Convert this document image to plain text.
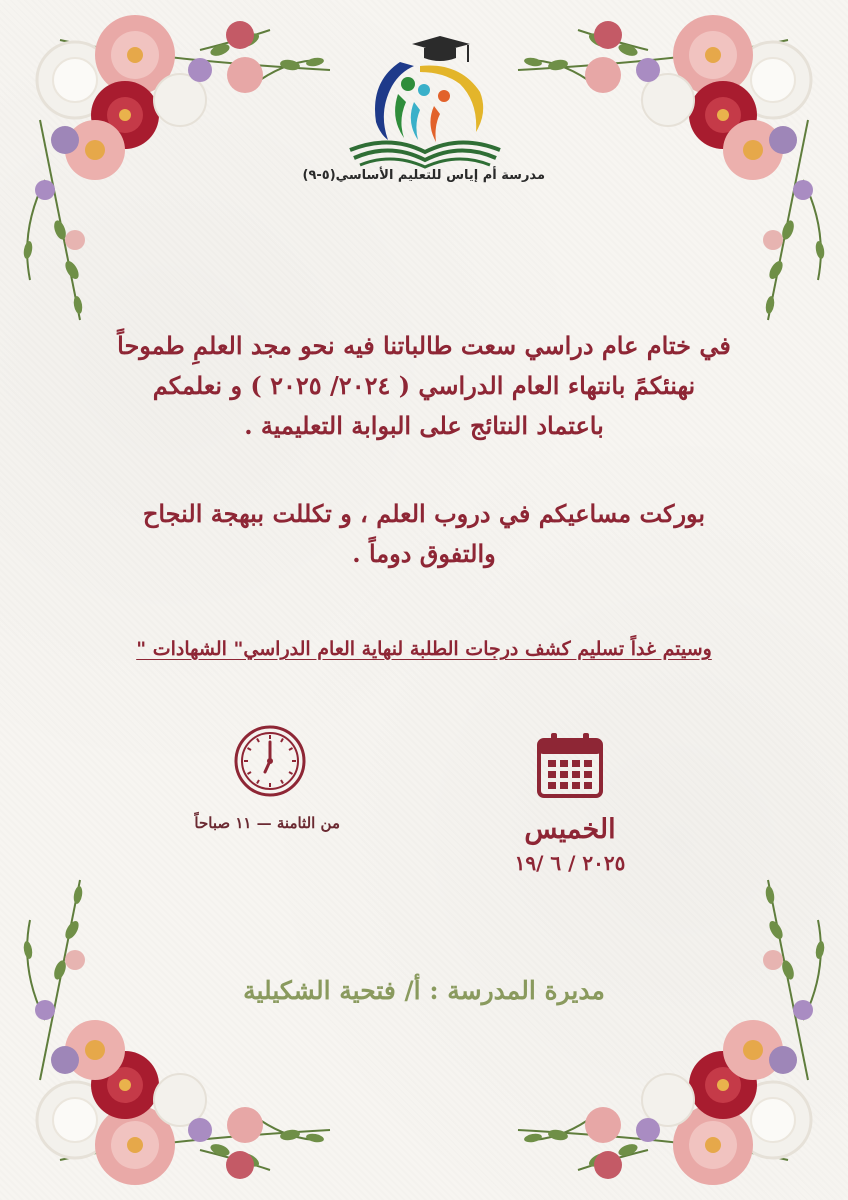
مدرسة أم إياس للتعليم الأساسي(٥-٩)

في ختام عام دراسي سعت طالباتنا فيه نحو مجد العلمِ طموحاً

نهنئكمً بانتهاء العام الدراسي ( ٢٠٢٤/ ٢٠٢٥ ) و نعلمكم

باعتماد النتائج على البوابة التعليمية .

بوركت مساعيكم في دروب العلم ، و تكللت ببهجة النجاح

والتفوق دوماً .

وسيتم غداً تسليم كشف درجات الطلبة لنهاية العام الدراسي" الشهادات "
من الثامنة — ١١ صباحاً	الخميس
٢٠٢٥ / ٦ /١٩
مديرة المدرسة : أ/ فتحية الشكيلية
